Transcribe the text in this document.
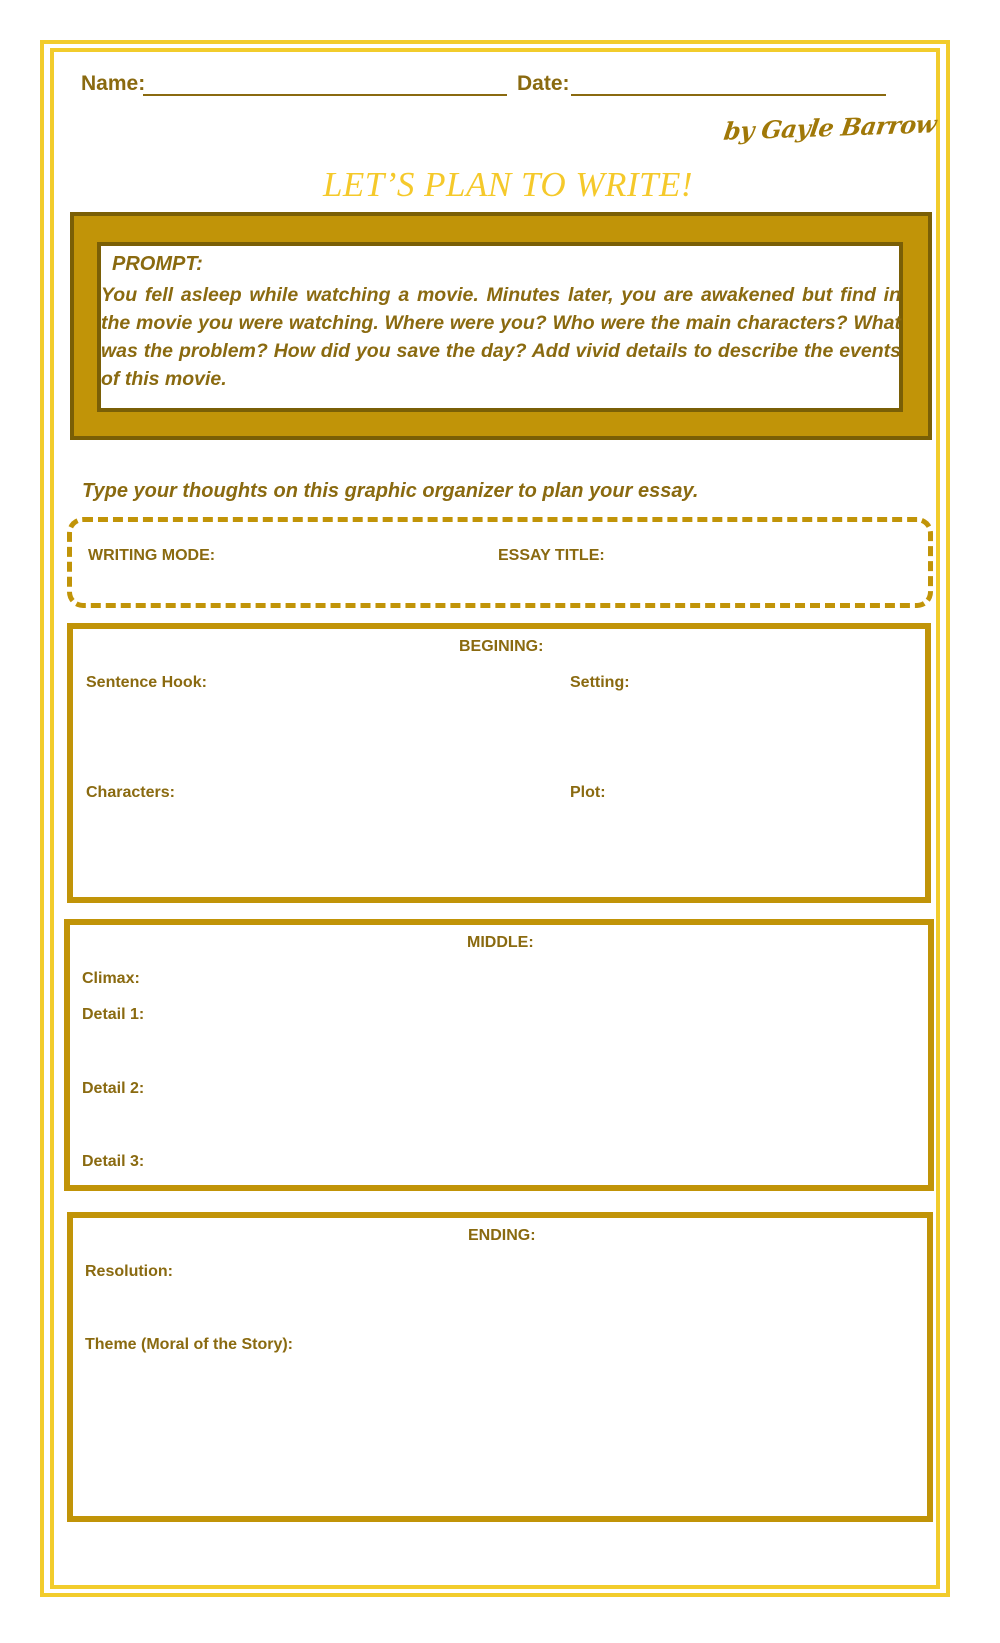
Name:	Date:
by Gayle Barrow
LET’S PLAN TO WRITE!
PROMPT:
You fell asleep while watching a movie. Minutes later, you are awakened but find in the movie you were watching. Where were you? Who were the main characters? What was the problem? How did you save the day? Add vivid details to describe the events of this movie.
Type your thoughts on this graphic organizer to plan your essay.
WRITING MODE:	ESSAY TITLE:
BEGINING:
Sentence Hook:	Setting:
Characters:	Plot:
MIDDLE:
Climax:
Detail 1:
Detail 2:
Detail 3:
ENDING:
Resolution:
Theme (Moral of the Story):
